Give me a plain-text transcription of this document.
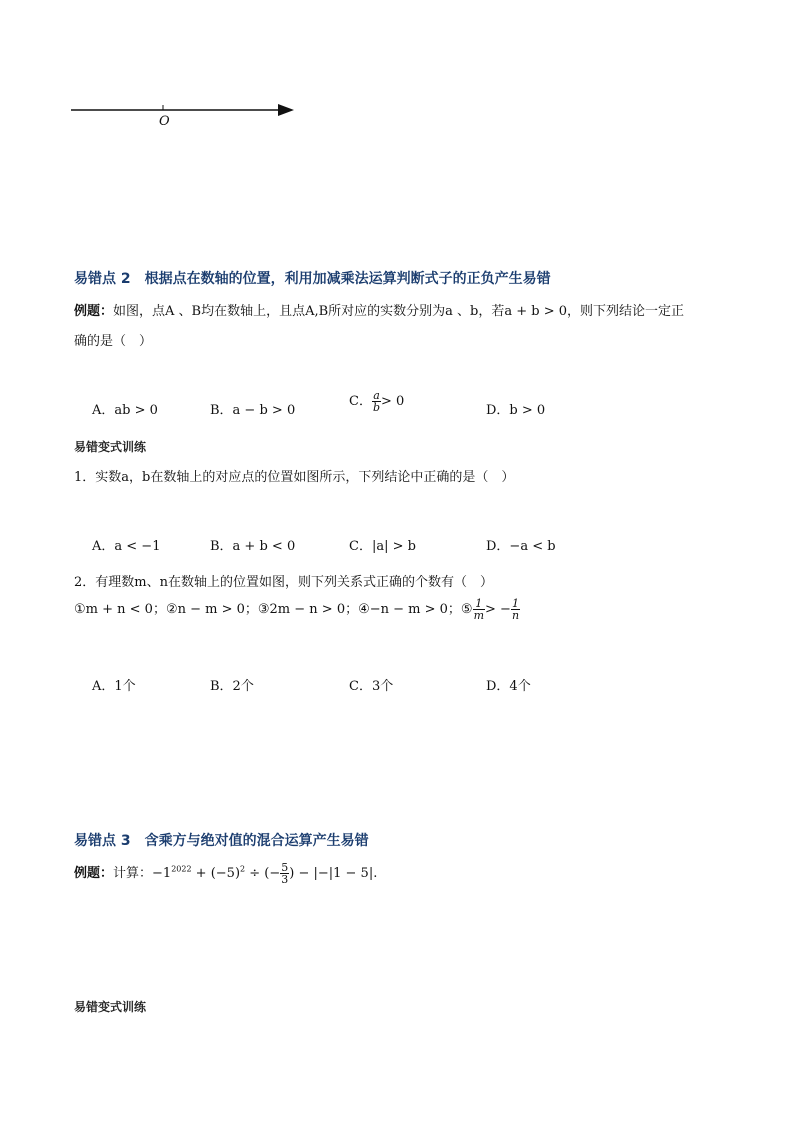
O
易错点 2　根据点在数轴的位置，利用加减乘法运算判断式子的正负产生易错
例题：如图，点A 、B均在数轴上，且点A,B所对应的实数分别为a 、b，若a + b > 0，则下列结论一定正
确的是（　）
A．ab > 0	B．a − b > 0
C． $\frac{a}{b} > 0$
D．b > 0
易错变式训练
1．实数a，b在数轴上的对应点的位置如图所示，下列结论中正确的是（　）
A．a < −1	B．a + b < 0	C．|a| > b	D．−a < b
2．有理数m、n在数轴上的位置如图，则下列关系式正确的个数有（　）
①m + n < 0；②n − m > 0；③2m − n > 0；④−n − m > 0；⑤ $\frac{1}{m}$ > − $\frac{1}{n}$
A．1个	B．2个	C．3个	D．4个
易错点 3　含乘方与绝对值的混合运算产生易错
例题：计算：$-1^{2022} + (-5)^2$ ÷ (− $\frac{5}{3}$ ) − |−|1 − 5|.
易错变式训练
